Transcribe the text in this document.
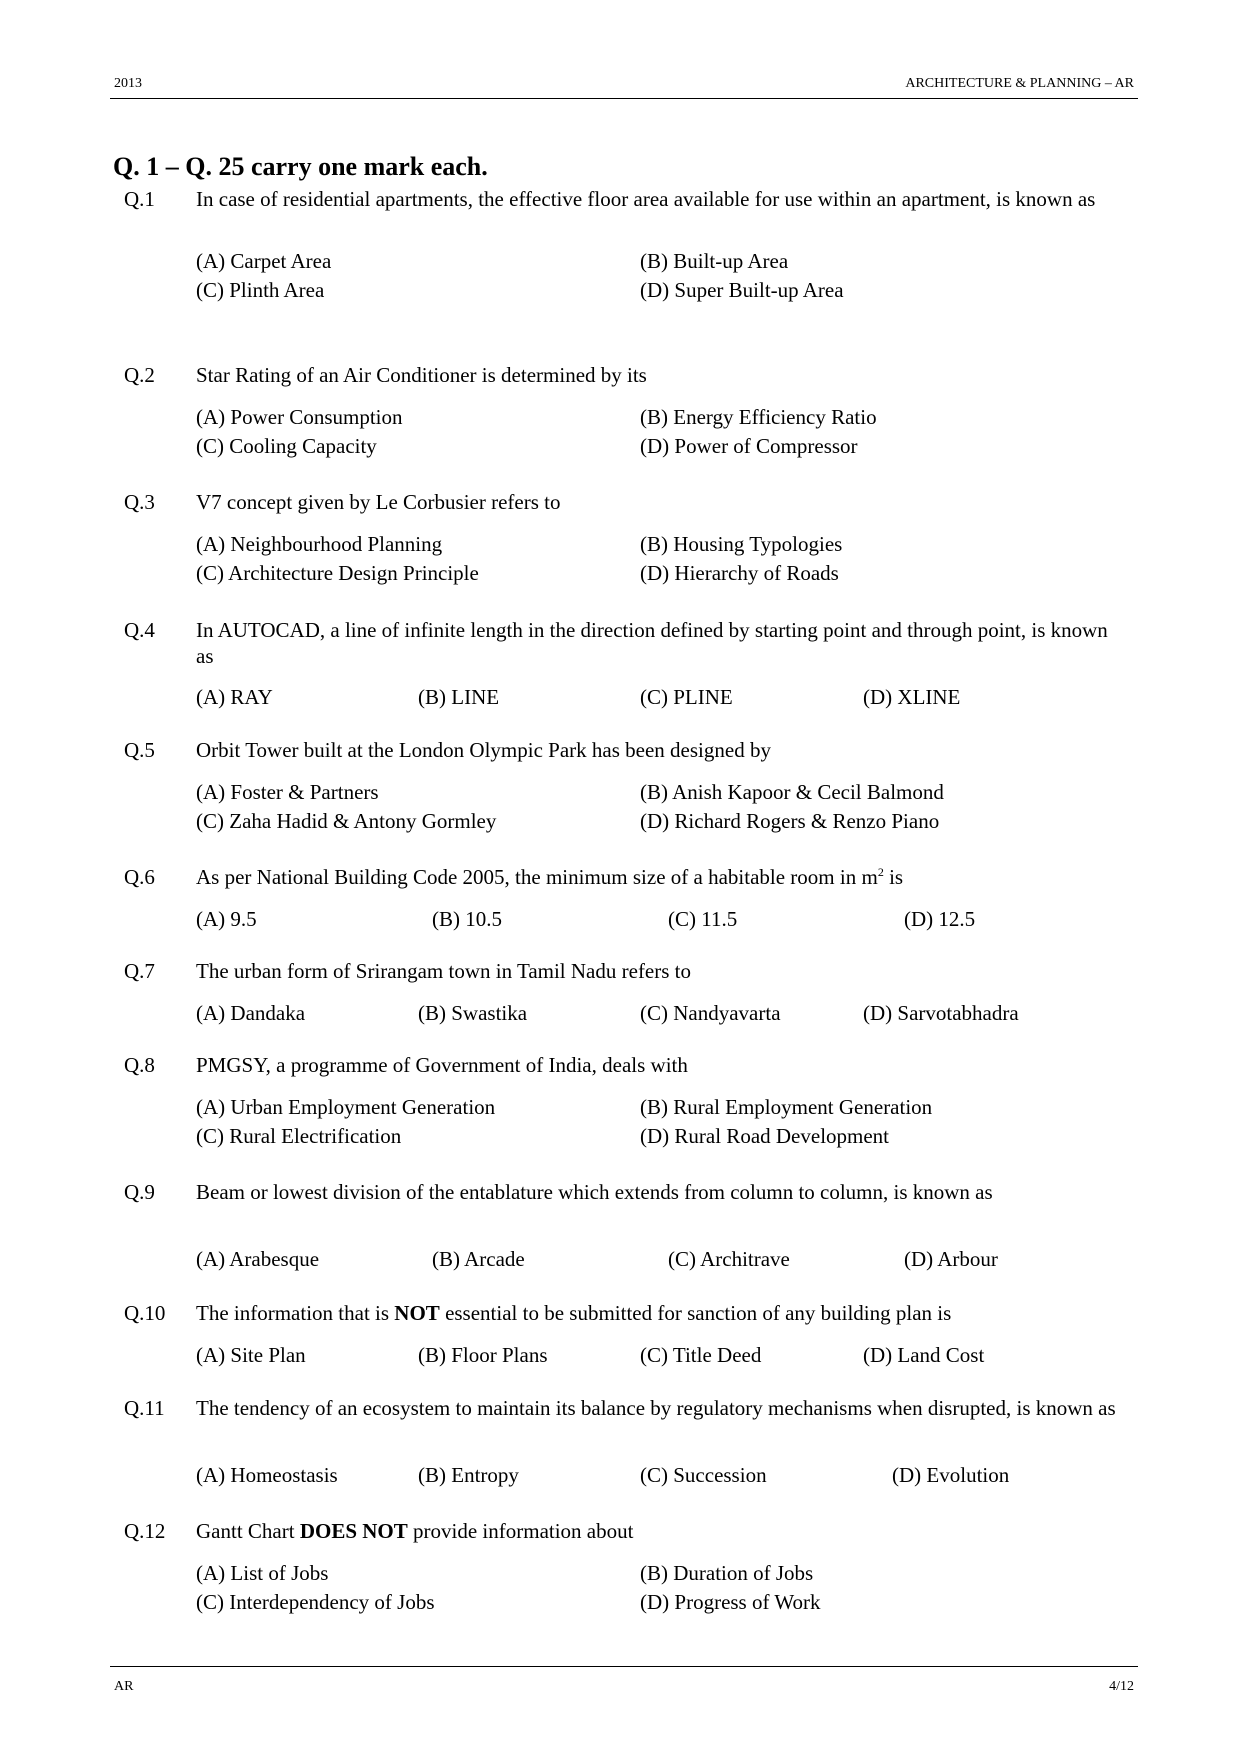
2013	ARCHITECTURE & PLANNING – AR
Q. 1 – Q. 25 carry one mark each.
Q.1 In case of residential apartments, the effective floor area available for use within an apartment, is known as
(A) Carpet Area	(B) Built-up Area
(C) Plinth Area	(D) Super Built-up Area
Q.2 Star Rating of an Air Conditioner is determined by its
(A) Power Consumption	(B) Energy Efficiency Ratio
(C) Cooling Capacity	(D) Power of Compressor
Q.3 V7 concept given by Le Corbusier refers to
(A) Neighbourhood Planning	(B) Housing Typologies
(C) Architecture Design Principle	(D) Hierarchy of Roads
Q.4 In AUTOCAD, a line of infinite length in the direction defined by starting point and through point, is known as
(A) RAY	(B) LINE	(C) PLINE	(D) XLINE
Q.5 Orbit Tower built at the London Olympic Park has been designed by
(A) Foster & Partners	(B) Anish Kapoor & Cecil Balmond
(C) Zaha Hadid & Antony Gormley	(D) Richard Rogers & Renzo Piano
Q.6 As per National Building Code 2005, the minimum size of a habitable room in $m^2$ is
(A) 9.5	(B) 10.5	(C) 11.5	(D) 12.5
Q.7 The urban form of Srirangam town in Tamil Nadu refers to
(A) Dandaka	(B) Swastika	(C) Nandyavarta	(D) Sarvotabhadra
Q.8 PMGSY, a programme of Government of India, deals with
(A) Urban Employment Generation	(B) Rural Employment Generation
(C) Rural Electrification	(D) Rural Road Development
Q.9 Beam or lowest division of the entablature which extends from column to column, is known as
(A) Arabesque	(B) Arcade	(C) Architrave	(D) Arbour
Q.10 The information that is NOT essential to be submitted for sanction of any building plan is
(A) Site Plan	(B) Floor Plans	(C) Title Deed	(D) Land Cost
Q.11 The tendency of an ecosystem to maintain its balance by regulatory mechanisms when disrupted, is known as
(A) Homeostasis	(B) Entropy	(C) Succession	(D) Evolution
Q.12 Gantt Chart DOES NOT provide information about
(A) List of Jobs	(B) Duration of Jobs
(C) Interdependency of Jobs	(D) Progress of Work
AR	4/12
